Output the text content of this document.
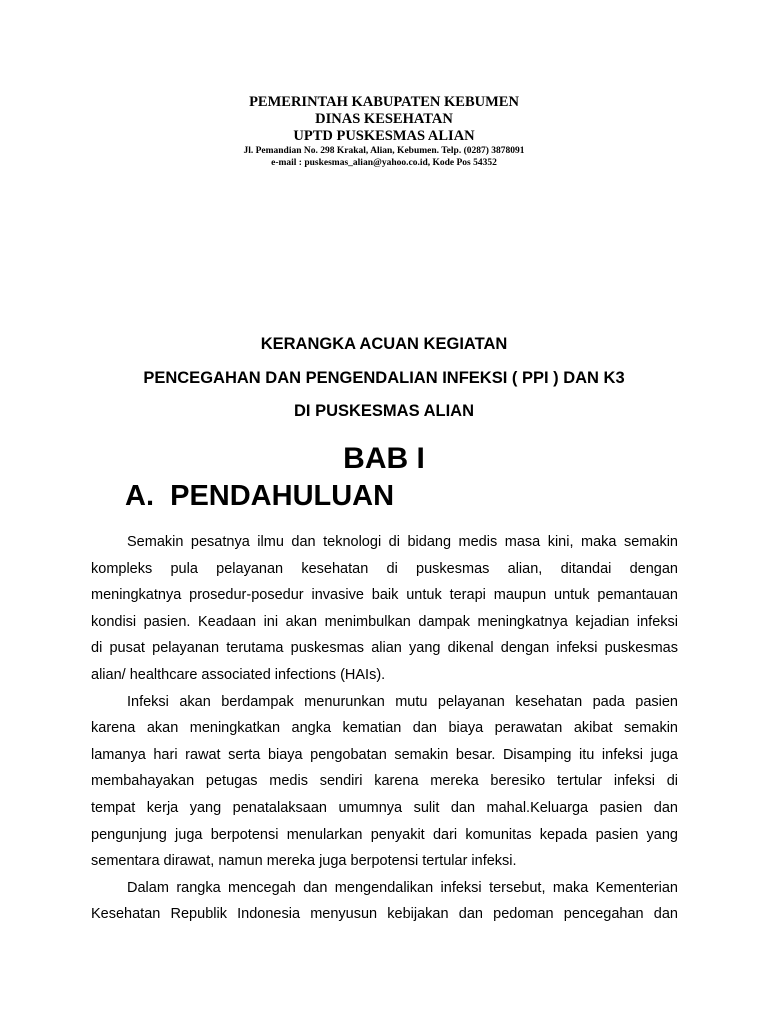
PEMERINTAH KABUPATEN KEBUMEN
DINAS KESEHATAN
UPTD PUSKESMAS ALIAN
Jl. Pemandian No. 298 Krakal, Alian, Kebumen. Telp. (0287) 3878091
e-mail : puskesmas_alian@yahoo.co.id, Kode Pos 54352
KERANGKA ACUAN KEGIATAN
PENCEGAHAN DAN PENGENDALIAN INFEKSI ( PPI ) DAN K3
DI PUSKESMAS ALIAN
BAB I
A.  PENDAHULUAN
Semakin pesatnya ilmu dan teknologi di bidang medis masa kini, maka semakin
kompleks pula pelayanan kesehatan di puskesmas alian, ditandai dengan
meningkatnya prosedur-posedur invasive baik untuk terapi maupun untuk pemantauan
kondisi pasien. Keadaan ini akan menimbulkan dampak meningkatnya kejadian infeksi
di pusat pelayanan terutama puskesmas alian yang dikenal dengan infeksi puskesmas
alian/ healthcare associated infections (HAIs).
Infeksi akan berdampak menurunkan mutu pelayanan kesehatan pada pasien
karena akan meningkatkan angka kematian dan biaya perawatan akibat semakin
lamanya hari rawat serta biaya pengobatan semakin besar. Disamping itu infeksi juga
membahayakan petugas medis sendiri karena mereka beresiko tertular infeksi di
tempat kerja yang penatalaksaan umumnya sulit dan mahal.Keluarga pasien dan
pengunjung juga berpotensi menularkan penyakit dari komunitas kepada pasien yang
sementara dirawat, namun mereka juga berpotensi tertular infeksi.
Dalam rangka mencegah dan mengendalikan infeksi tersebut, maka Kementerian
Kesehatan Republik Indonesia menyusun kebijakan dan pedoman pencegahan dan
